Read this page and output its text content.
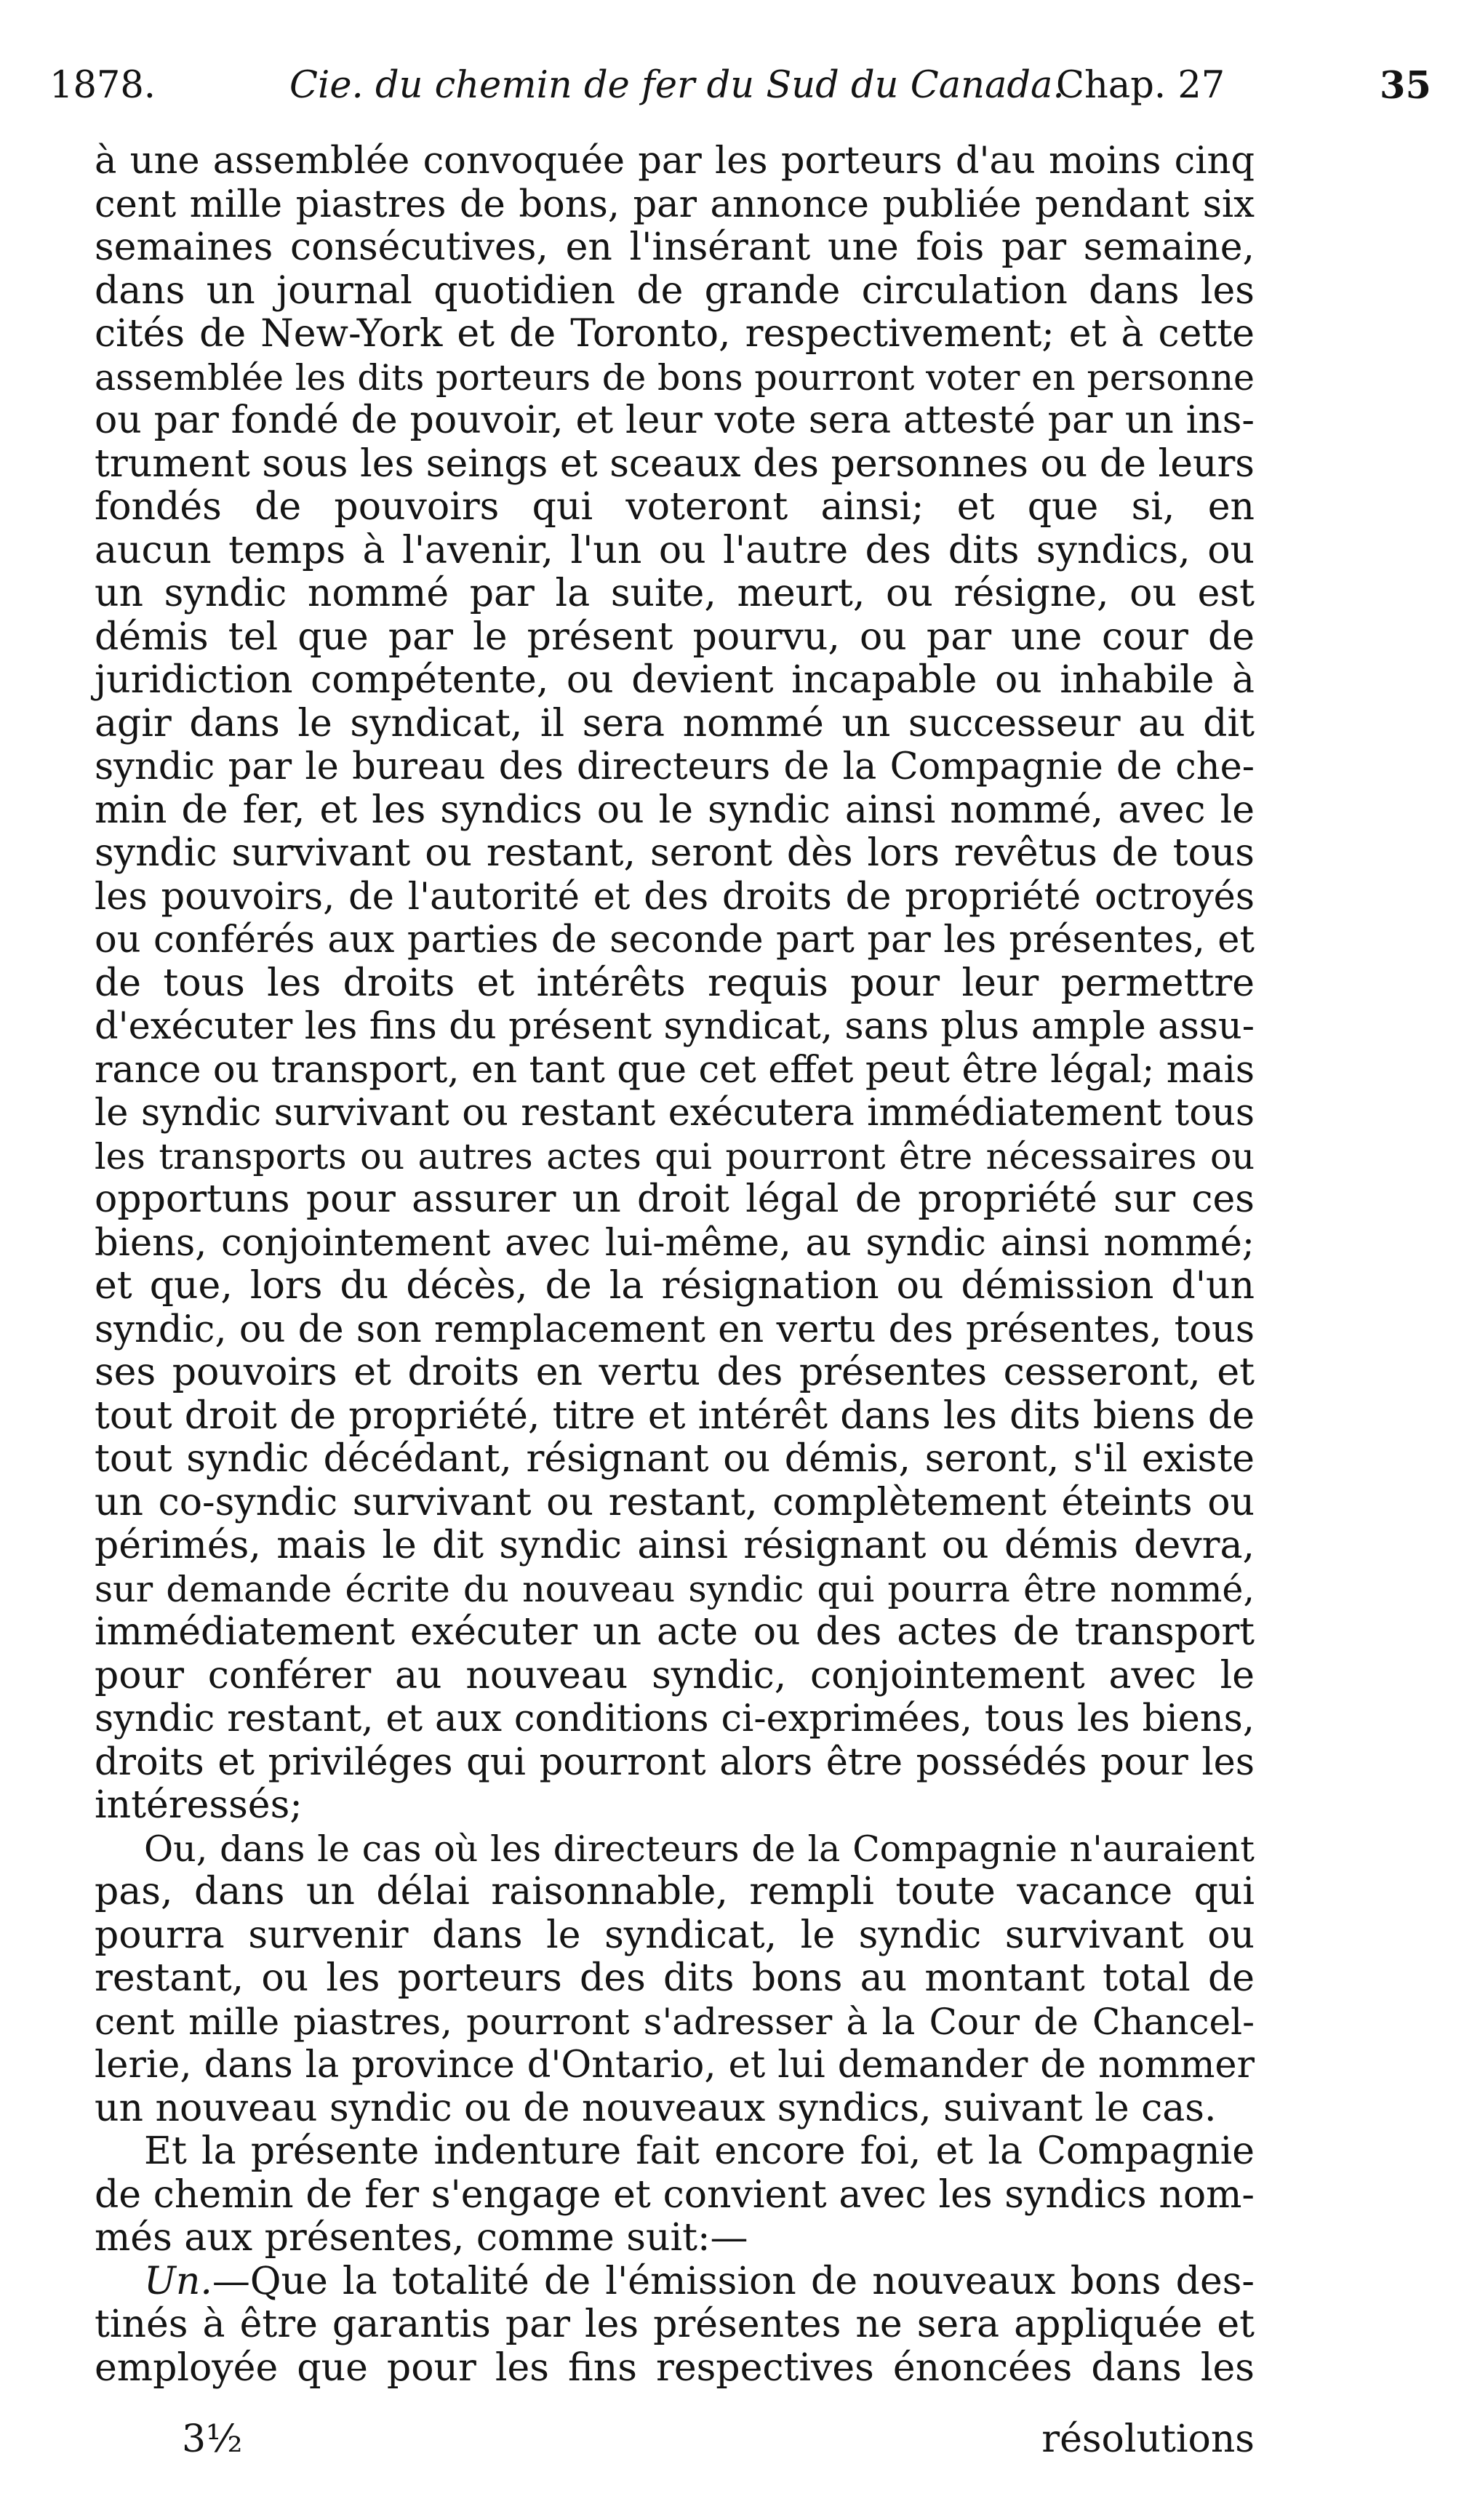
1878.	Cie. du chemin de fer du Sud du Canada.
Chap. 27	35
à une assemblée convoquée par les porteurs d'au moins cinq
cent mille piastres de bons, par annonce publiée pendant six
semaines consécutives, en l'insérant une fois par semaine,
dans un journal quotidien de grande circulation dans les
cités de New-York et de Toronto, respectivement; et à cette
assemblée les dits porteurs de bons pourront voter en personne
ou par fondé de pouvoir, et leur vote sera attesté par un ins-
trument sous les seings et sceaux des personnes ou de leurs
fondés de pouvoirs qui voteront ainsi; et que si, en
aucun temps à l'avenir, l'un ou l'autre des dits syndics, ou
un syndic nommé par la suite, meurt, ou résigne, ou est
démis tel que par le présent pourvu, ou par une cour de
juridiction compétente, ou devient incapable ou inhabile à
agir dans le syndicat, il sera nommé un successeur au dit
syndic par le bureau des directeurs de la Compagnie de che-
min de fer, et les syndics ou le syndic ainsi nommé, avec le
syndic survivant ou restant, seront dès lors revêtus de tous
les pouvoirs, de l'autorité et des droits de propriété octroyés
ou conférés aux parties de seconde part par les présentes, et
de tous les droits et intérêts requis pour leur permettre
d'exécuter les fins du présent syndicat, sans plus ample assu-
rance ou transport, en tant que cet effet peut être légal; mais
le syndic survivant ou restant exécutera immédiatement tous
les transports ou autres actes qui pourront être nécessaires ou
opportuns pour assurer un droit légal de propriété sur ces
biens, conjointement avec lui-même, au syndic ainsi nommé;
et que, lors du décès, de la résignation ou démission d'un
syndic, ou de son remplacement en vertu des présentes, tous
ses pouvoirs et droits en vertu des présentes cesseront, et
tout droit de propriété, titre et intérêt dans les dits biens de
tout syndic décédant, résignant ou démis, seront, s'il existe
un co-syndic survivant ou restant, complètement éteints ou
périmés, mais le dit syndic ainsi résignant ou démis devra,
sur demande écrite du nouveau syndic qui pourra être nommé,
immédiatement exécuter un acte ou des actes de transport
pour conférer au nouveau syndic, conjointement avec le
syndic restant, et aux conditions ci-exprimées, tous les biens,
droits et priviléges qui pourront alors être possédés pour les
intéressés;
Ou, dans le cas où les directeurs de la Compagnie n'auraient
pas, dans un délai raisonnable, rempli toute vacance qui
pourra survenir dans le syndicat, le syndic survivant ou
restant, ou les porteurs des dits bons au montant total de
cent mille piastres, pourront s'adresser à la Cour de Chancel-
lerie, dans la province d'Ontario, et lui demander de nommer
un nouveau syndic ou de nouveaux syndics, suivant le cas.
Et la présente indenture fait encore foi, et la Compagnie
de chemin de fer s'engage et convient avec les syndics nom-
més aux présentes, comme suit:—
Un.—Que la totalité de l'émission de nouveaux bons des-
tinés à être garantis par les présentes ne sera appliquée et
employée que pour les fins respectives énoncées dans les
3½	résolutions
